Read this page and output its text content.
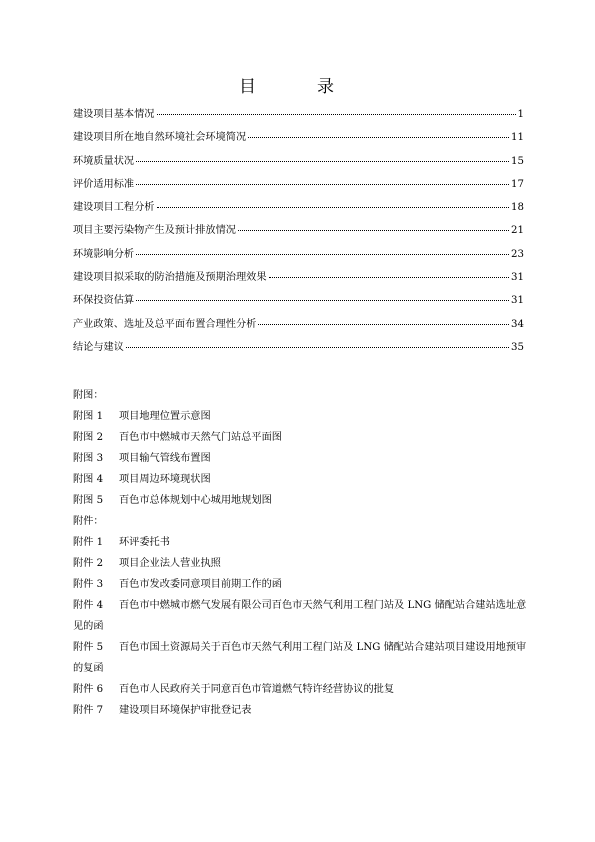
目　录
建设项目基本情况	1
建设项目所在地自然环境社会环境简况	11
环境质量状况	15
评价适用标准	17
建设项目工程分析	18
项目主要污染物产生及预计排放情况	21
环境影响分析	23
建设项目拟采取的防治措施及预期治理效果	31
环保投资估算	31
产业政策、选址及总平面布置合理性分析	34
结论与建议	35
附图：
附图 1 项目地理位置示意图
附图 2 百色市中燃城市天然气门站总平面图
附图 3 项目输气管线布置图
附图 4 项目周边环境现状图
附图 5 百色市总体规划中心城用地规划图
附件：
附件 1 环评委托书
附件 2 项目企业法人营业执照
附件 3 百色市发改委同意项目前期工作的函
附件 4 百色市中燃城市燃气发展有限公司百色市天然气利用工程门站及 LNG 储配站合建站选址意见的函
附件 5 百色市国土资源局关于百色市天然气利用工程门站及 LNG 储配站合建站项目建设用地预审的复函
附件 6 百色市人民政府关于同意百色市管道燃气特许经营协议的批复
附件 7 建设项目环境保护审批登记表
